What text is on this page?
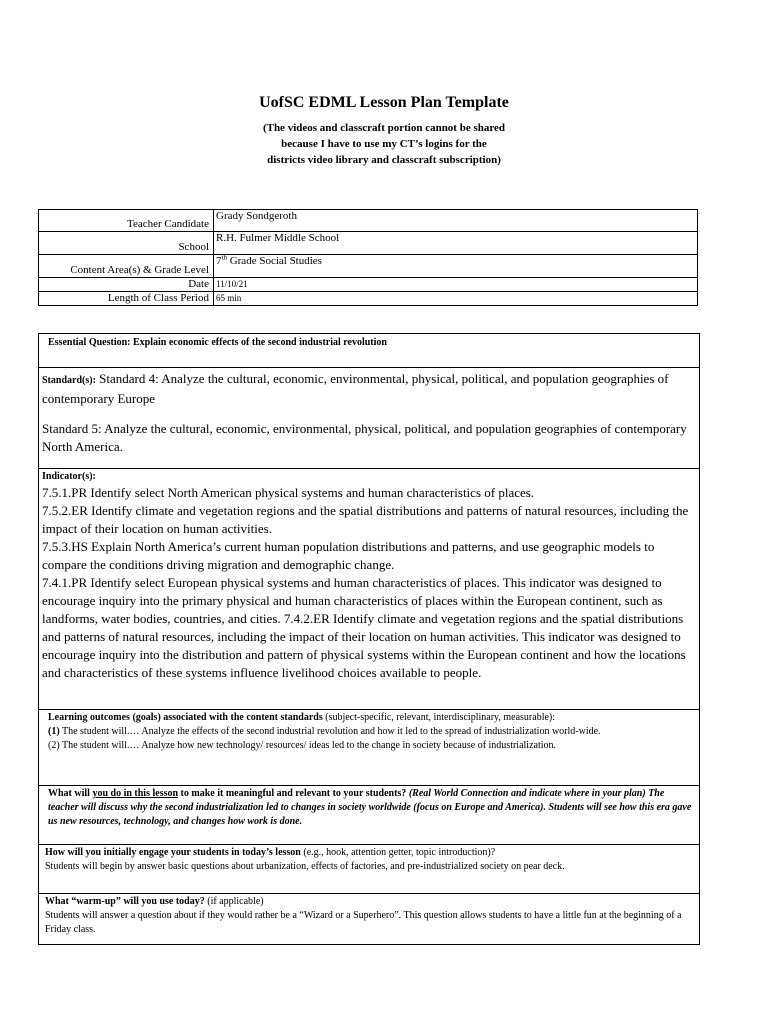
UofSC EDML Lesson Plan Template
(The videos and classcraft portion cannot be shared
because I have to use my CT’s logins for the
districts video library and classcraft subscription)
Teacher Candidate	Grady Sondgeroth
School	R.H. Fulmer Middle School
Content Area(s) & Grade Level	7th Grade Social Studies
Date	11/10/21
Length of Class Period	65 min
Essential Question: Explain economic effects of the second industrial revolution

Standard(s): Standard 4: Analyze the cultural, economic, environmental, physical, political, and population geographies of contemporary Europe

Standard 5: Analyze the cultural, economic, environmental, physical, political, and population geographies of contemporary North America.

Indicator(s):

7.5.1.PR Identify select North American physical systems and human characteristics of places.

7.5.2.ER Identify climate and vegetation regions and the spatial distributions and patterns of natural resources, including the impact of their location on human activities.

7.5.3.HS Explain North America’s current human population distributions and patterns, and use geographic models to compare the conditions driving migration and demographic change.

7.4.1.PR Identify select European physical systems and human characteristics of places. This indicator was designed to encourage inquiry into the primary physical and human characteristics of places within the European continent, such as landforms, water bodies, countries, and cities. 7.4.2.ER Identify climate and vegetation regions and the spatial distributions and patterns of natural resources, including the impact of their location on human activities. This indicator was designed to encourage inquiry into the distribution and pattern of physical systems within the European continent and how the locations and characteristics of these systems influence livelihood choices available to people.

Learning outcomes (goals) associated with the content standards (subject-specific, relevant, interdisciplinary, measurable):
(1) The student will.… Analyze the effects of the second industrial revolution and how it led to the spread of industrialization world-wide.
(2) The student will.… Analyze how new technology/ resources/ ideas led to the change in society because of industrialization.
What will you do in this lesson to make it meaningful and relevant to your students? (Real World Connection and indicate where in your plan) The teacher will discuss why the second industrialization led to changes in society worldwide (focus on Europe and America). Students will see how this era gave us new resources, technology, and changes how work is done.
How will you initially engage your students in today’s lesson (e.g., hook, attention getter, topic introduction)?
Students will begin by answer basic questions about urbanization, effects of factories, and pre-industrialized society on pear deck.
What “warm-up” will you use today? (if applicable)
Students will answer a question about if they would rather be a “Wizard or a Superhero”. This question allows students to have a little fun at the beginning of a Friday class.
